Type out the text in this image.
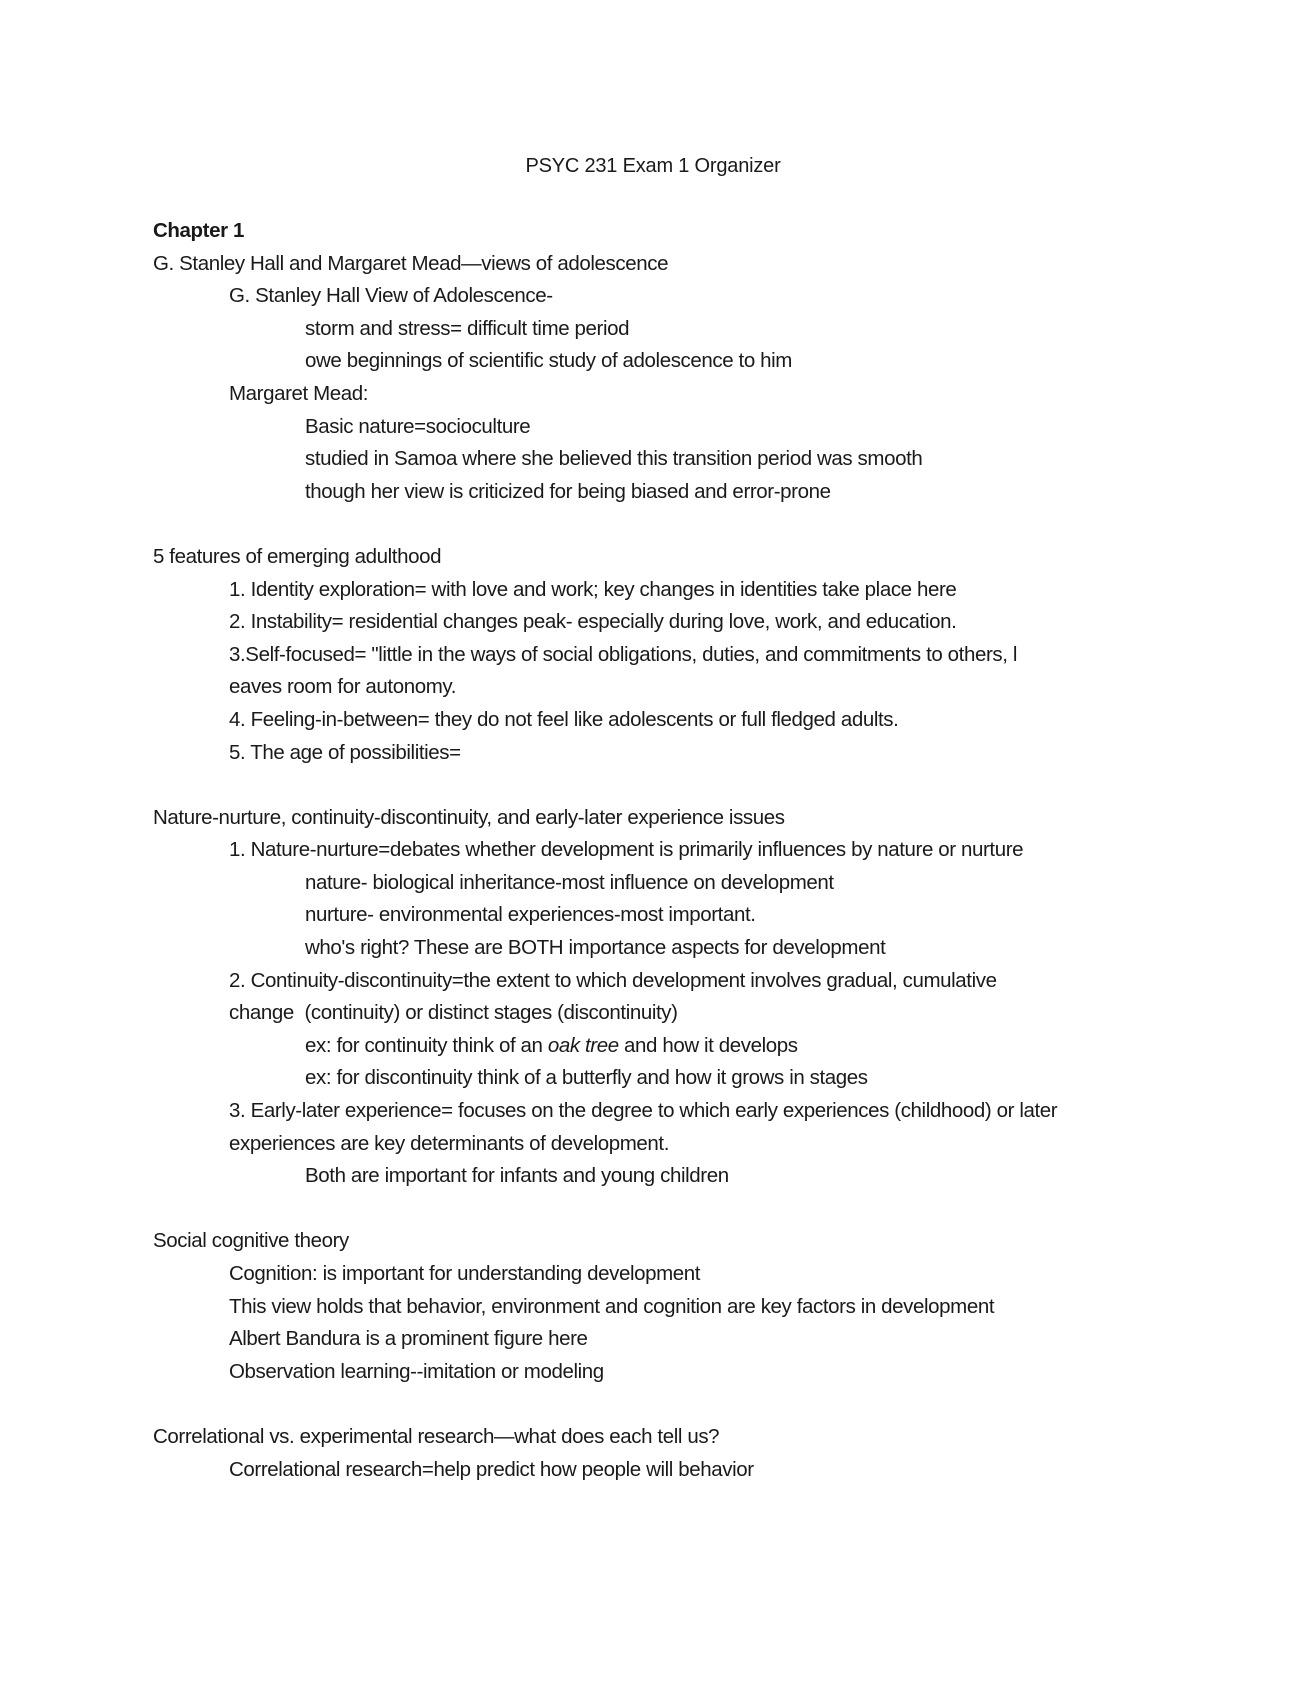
PSYC 231 Exam 1 Organizer
Chapter 1
G. Stanley Hall and Margaret Mead—views of adolescence
G. Stanley Hall View of Adolescence-
storm and stress= difficult time period
owe beginnings of scientific study of adolescence to him
Margaret Mead:
Basic nature=socioculture
studied in Samoa where she believed this transition period was smooth
though her view is criticized for being biased and error-prone
5 features of emerging adulthood
1. Identity exploration= with love and work; key changes in identities take place here
2. Instability= residential changes peak- especially during love, work, and education.
3.Self-focused= "little in the ways of social obligations, duties, and commitments to others, l
eaves room for autonomy.
4. Feeling-in-between= they do not feel like adolescents or full fledged adults.
5. The age of possibilities=
Nature-nurture, continuity-discontinuity, and early-later experience issues
1. Nature-nurture=debates whether development is primarily influences by nature or nurture
nature- biological inheritance-most influence on development
nurture- environmental experiences-most important.
who's right? These are BOTH importance aspects for development
2. Continuity-discontinuity=the extent to which development involves gradual, cumulative
change  (continuity) or distinct stages (discontinuity)
ex: for continuity think of an oak tree and how it develops
ex: for discontinuity think of a butterfly and how it grows in stages
3. Early-later experience= focuses on the degree to which early experiences (childhood) or later
experiences are key determinants of development.
Both are important for infants and young children
Social cognitive theory
Cognition: is important for understanding development
This view holds that behavior, environment and cognition are key factors in development
Albert Bandura is a prominent figure here
Observation learning--imitation or modeling
Correlational vs. experimental research—what does each tell us?
Correlational research=help predict how people will behavior
